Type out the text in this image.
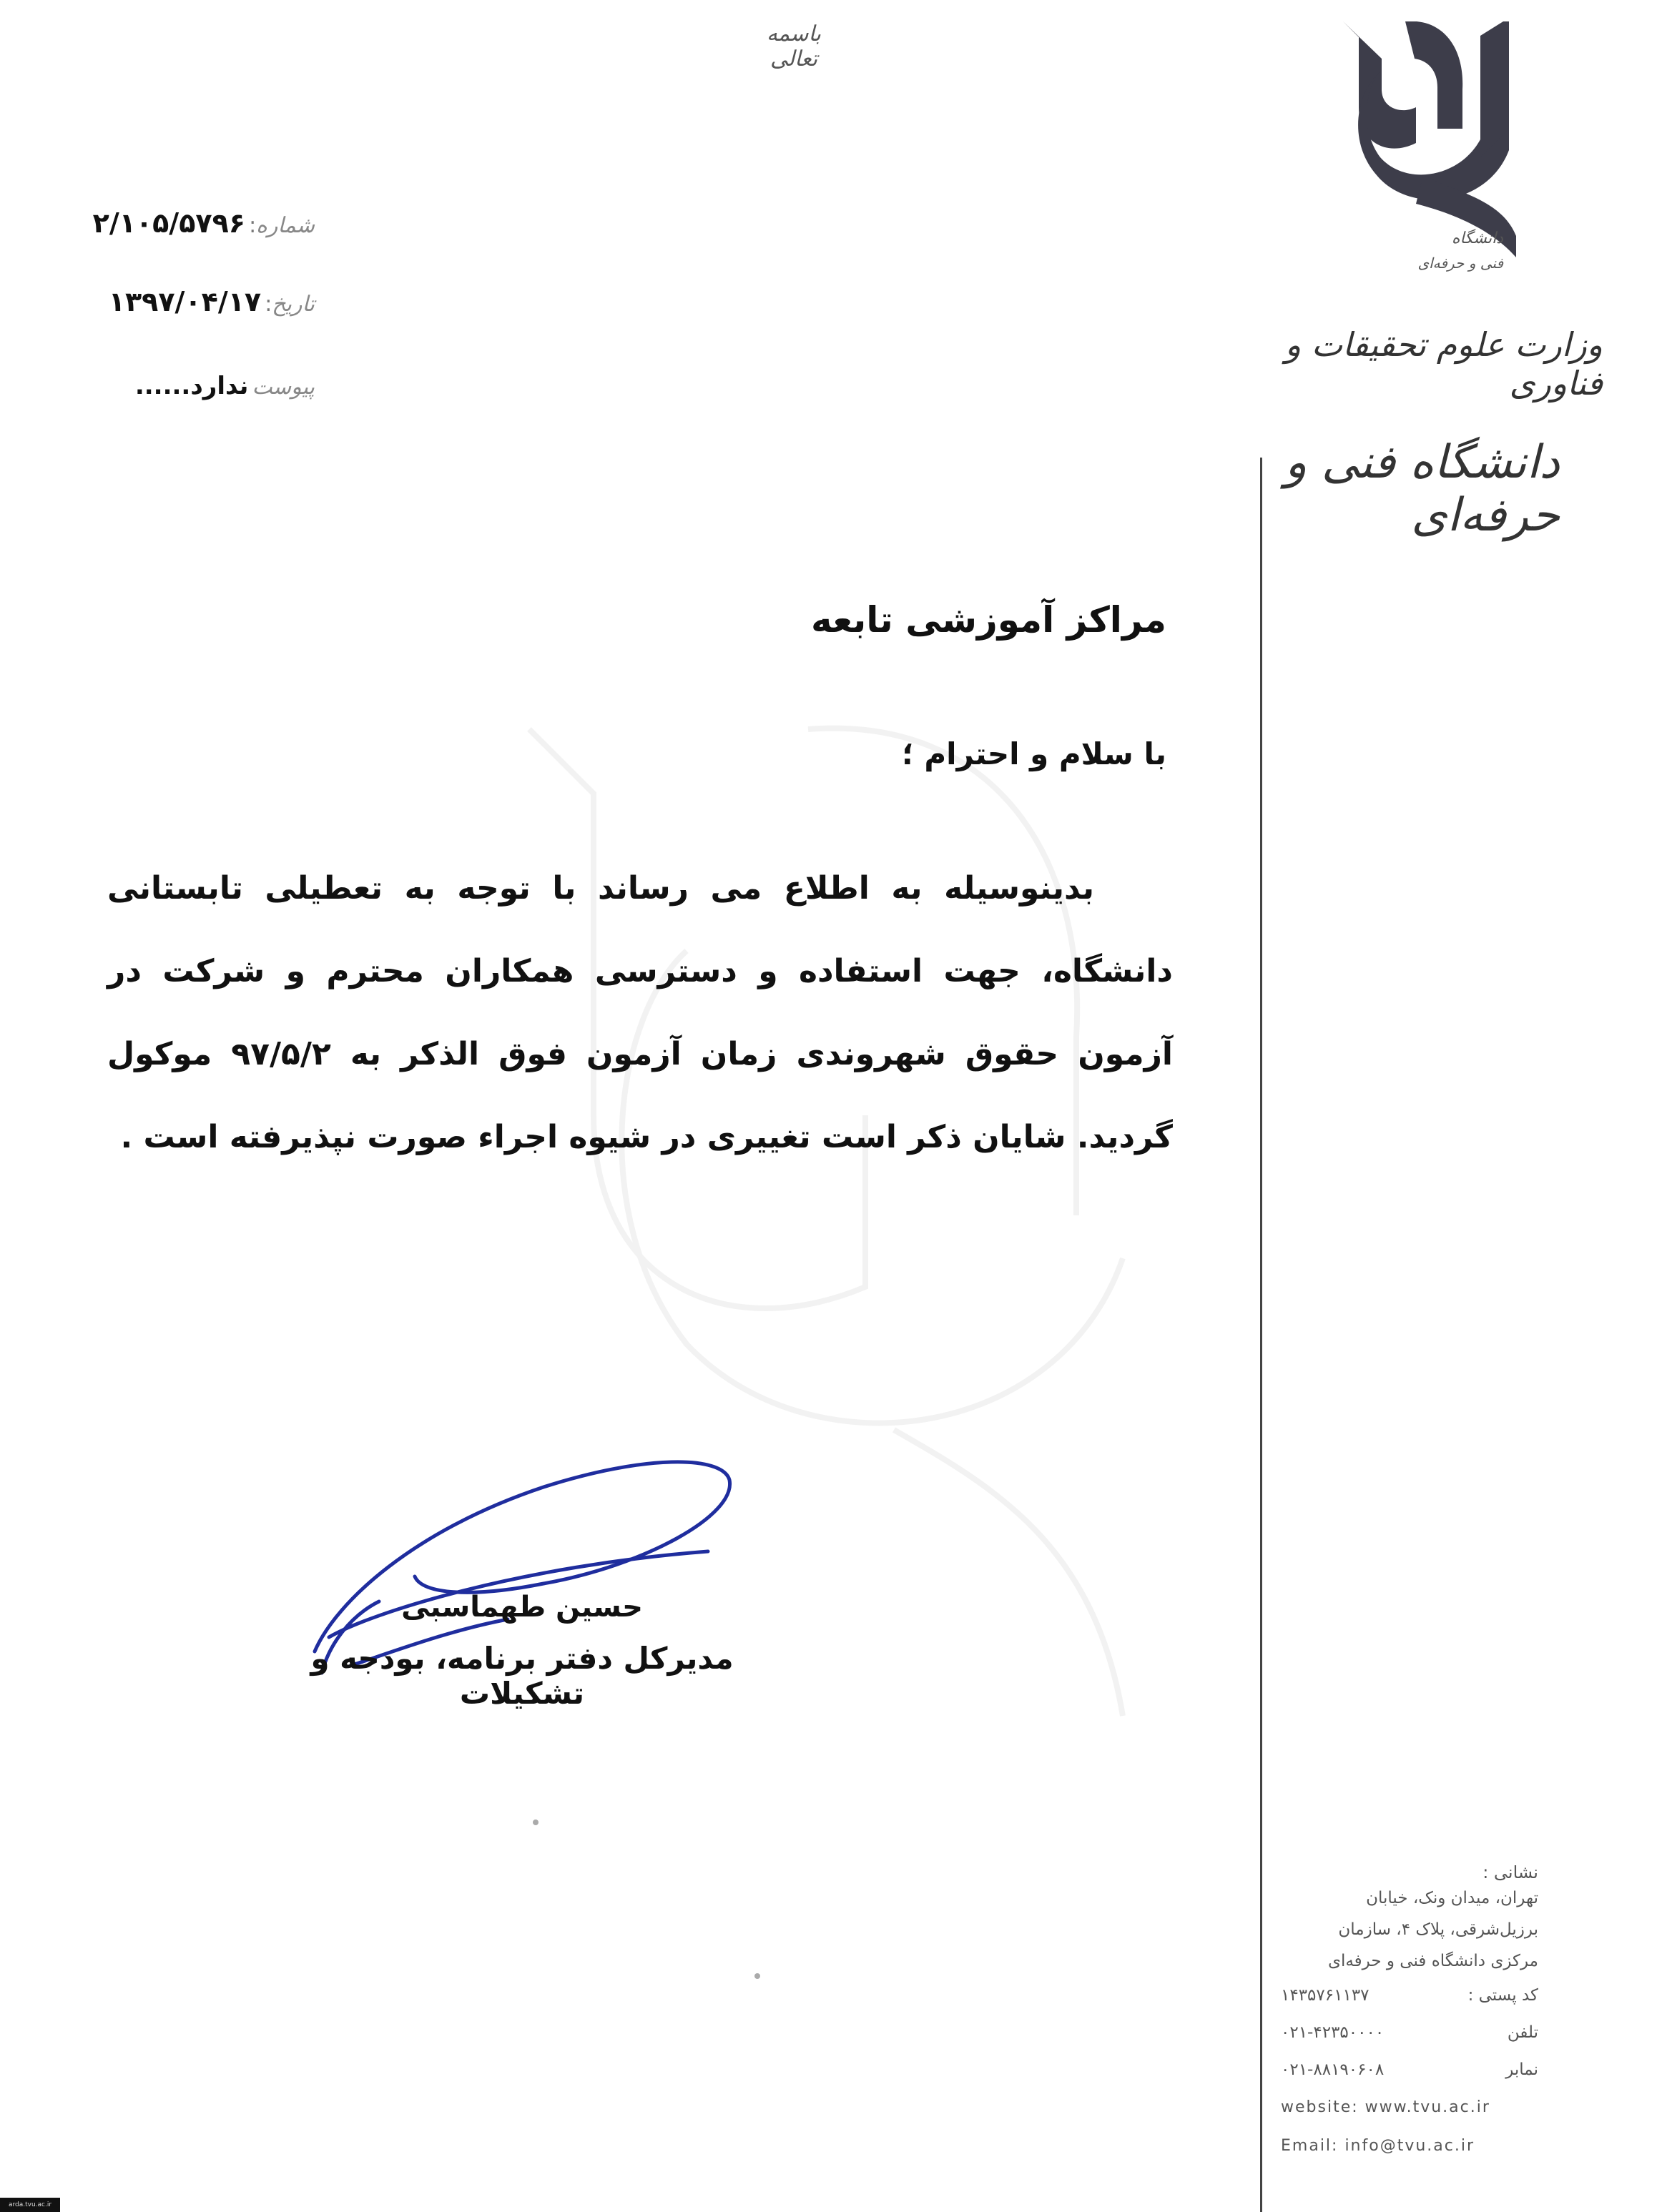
باسمه تعالی
شماره: ۲/۱۰۵/۵۷۹۶
تاریخ: ۱۳۹۷/۰۴/۱۷
پیوست ندارد......
دانشگاه
فنی و حرفه‌ای
وزارت علوم تحقیقات و فناوری
دانشگاه فنی و حرفه‌ای
مراکز آموزشی تابعه
با سلام و احترام ؛
بدینوسیله به اطلاع می رساند با توجه به تعطیلی تابستانی دانشگاه، جهت استفاده و دسترسی همکاران محترم و شرکت در آزمون حقوق شهروندی زمان آزمون فوق الذکر به ۹۷/۵/۲ موکول گردید. شایان ذکر است تغییری در شیوه اجراء صورت نپذیرفته است .
حسین طهماسبی
مدیرکل دفتر برنامه، بودجه و تشکیلات
نشانی :
تهران، میدان ونک، خیابان
برزیل‌شرقی، پلاک ۴، سازمان
مرکزی دانشگاه فنی و حرفه‌ای
کد پستی :
۱۴۳۵۷۶۱۱۳۷
تلفن
۰۲۱-۴۲۳۵۰۰۰۰
نمابر
۰۲۱-۸۸۱۹۰۶۰۸
website: www.tvu.ac.ir
Email: info@tvu.ac.ir
arda.tvu.ac.ir
